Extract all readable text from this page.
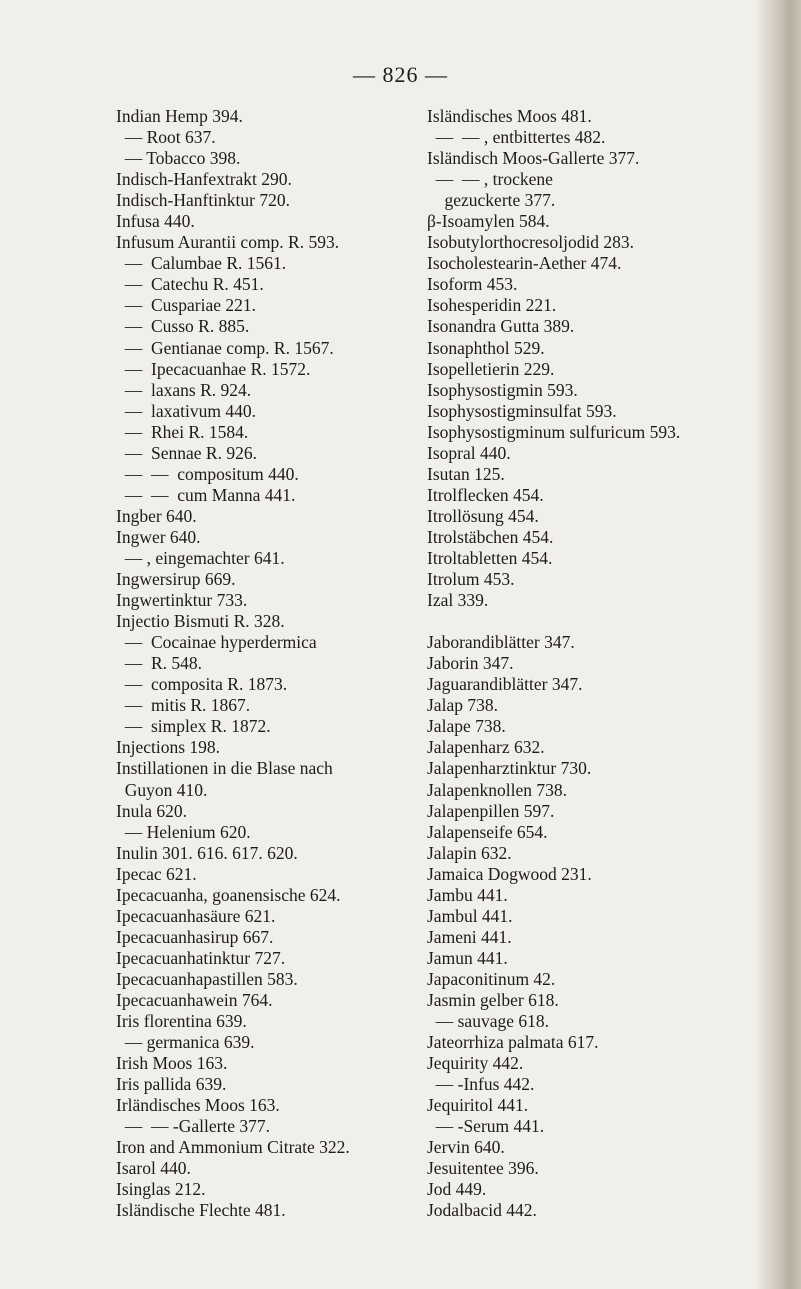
— 826 —
Indian Hemp 394.
— Root 637.
— Tobacco 398.
Indisch-Hanfextrakt 290.
Indisch-Hanftinktur 720.
Infusa 440.
Infusum Aurantii comp. R. 593.
—  Calumbae R. 1561.
—  Catechu R. 451.
—  Cuspariae 221.
—  Cusso R. 885.
—  Gentianae comp. R. 1567.
—  Ipecacuanhae R. 1572.
—  laxans R. 924.
—  laxativum 440.
—  Rhei R. 1584.
—  Sennae R. 926.
—  —  compositum 440.
—  —  cum Manna 441.
Ingber 640.
Ingwer 640.
— , eingemachter 641.
Ingwersirup 669.
Ingwertinktur 733.
Injectio Bismuti R. 328.
—  Cocainae hyperdermica
—  R. 548.
—  composita R. 1873.
—  mitis R. 1867.
—  simplex R. 1872.
Injections 198.
Instillationen in die Blase nach
Guyon 410.
Inula 620.
— Helenium 620.
Inulin 301. 616. 617. 620.
Ipecac 621.
Ipecacuanha, goanensische 624.
Ipecacuanhasäure 621.
Ipecacuanhasirup 667.
Ipecacuanhatinktur 727.
Ipecacuanhapastillen 583.
Ipecacuanhawein 764.
Iris florentina 639.
— germanica 639.
Irish Moos 163.
Iris pallida 639.
Irländisches Moos 163.
—  — -Gallerte 377.
Iron and Ammonium Citrate 322.
Isarol 440.
Isinglas 212.
Isländische Flechte 481.
Isländisches Moos 481.
—  — , entbittertes 482.
Isländisch Moos-Gallerte 377.
—  — , trockene
gezuckerte 377.
β-Isoamylen 584.
Isobutylorthocresoljodid 283.
Isocholestearin-Aether 474.
Isoform 453.
Isohesperidin 221.
Isonandra Gutta 389.
Isonaphthol 529.
Isopelletierin 229.
Isophysostigmin 593.
Isophysostigminsulfat 593.
Isophysostigminum sulfuricum 593.
Isopral 440.
Isutan 125.
Itrolflecken 454.
Itrollösung 454.
Itrolstäbchen 454.
Itroltabletten 454.
Itrolum 453.
Izal 339.
Jaborandiblätter 347.
Jaborin 347.
Jaguarandiblätter 347.
Jalap 738.
Jalape 738.
Jalapenharz 632.
Jalapenharztinktur 730.
Jalapenknollen 738.
Jalapenpillen 597.
Jalapenseife 654.
Jalapin 632.
Jamaica Dogwood 231.
Jambu 441.
Jambul 441.
Jameni 441.
Jamun 441.
Japaconitinum 42.
Jasmin gelber 618.
— sauvage 618.
Jateorrhiza palmata 617.
Jequirity 442.
— -Infus 442.
Jequiritol 441.
— -Serum 441.
Jervin 640.
Jesuitentee 396.
Jod 449.
Jodalbacid 442.
